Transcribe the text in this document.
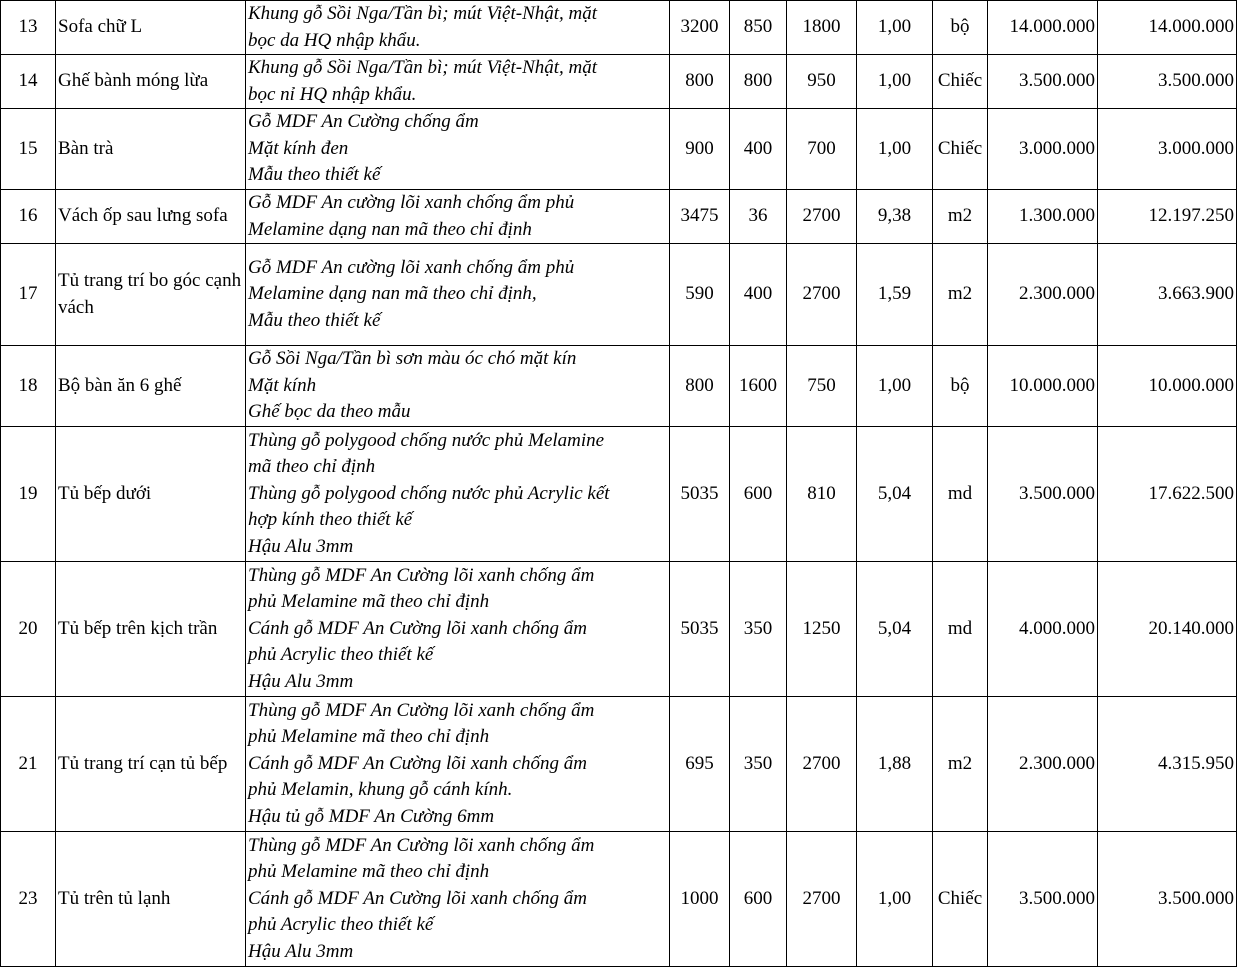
13	Sofa chữ L	Khung gỗ Sồi Nga/Tần bì; mút Việt-Nhật, mặt
bọc da HQ nhập khẩu.	3200	850	1800	1,00	bộ	14.000.000	14.000.000
14	Ghế bành móng lừa	Khung gỗ Sồi Nga/Tần bì; mút Việt-Nhật, mặt
bọc nỉ HQ nhập khẩu.	800	800	950	1,00	Chiếc	3.500.000	3.500.000
15	Bàn trà	Gỗ MDF An Cường chống ẩm
Mặt kính đen
Mẫu theo thiết kế	900	400	700	1,00	Chiếc	3.000.000	3.000.000
16	Vách ốp sau lưng sofa	Gỗ MDF An cường lõi xanh chống ẩm phủ
Melamine dạng nan mã theo chỉ định	3475	36	2700	9,38	m2	1.300.000	12.197.250
17	Tủ trang trí bo góc cạnh vách	Gỗ MDF An cường lõi xanh chống ẩm phủ
Melamine dạng nan mã theo chỉ định,
Mẫu theo thiết kế	590	400	2700	1,59	m2	2.300.000	3.663.900
18	Bộ bàn ăn 6 ghế	Gỗ Sồi Nga/Tần bì sơn màu óc chó mặt kín
Mặt kính
Ghế bọc da theo mẫu	800	1600	750	1,00	bộ	10.000.000	10.000.000
19	Tủ bếp dưới	Thùng gỗ polygood chống nước phủ Melamine
mã theo chỉ định
Thùng gỗ polygood chống nước phủ Acrylic kết
hợp kính theo thiết kế
Hậu Alu 3mm	5035	600	810	5,04	md	3.500.000	17.622.500
20	Tủ bếp trên kịch trần	Thùng gỗ MDF An Cường lõi xanh chống ẩm
phủ Melamine mã theo chỉ định
Cánh gỗ MDF An Cường lõi xanh chống ẩm
phủ Acrylic theo thiết kế
Hậu Alu 3mm	5035	350	1250	5,04	md	4.000.000	20.140.000
21	Tủ trang trí cạn tủ bếp	Thùng gỗ MDF An Cường lõi xanh chống ẩm
phủ Melamine mã theo chỉ định
Cánh gỗ MDF An Cường lõi xanh chống ẩm
phủ Melamin, khung gỗ cánh kính.
Hậu tủ gỗ MDF An Cường 6mm	695	350	2700	1,88	m2	2.300.000	4.315.950
23	Tủ trên tủ lạnh	Thùng gỗ MDF An Cường lõi xanh chống ẩm
phủ Melamine mã theo chỉ định
Cánh gỗ MDF An Cường lõi xanh chống ẩm
phủ Acrylic theo thiết kế
Hậu Alu 3mm	1000	600	2700	1,00	Chiếc	3.500.000	3.500.000
